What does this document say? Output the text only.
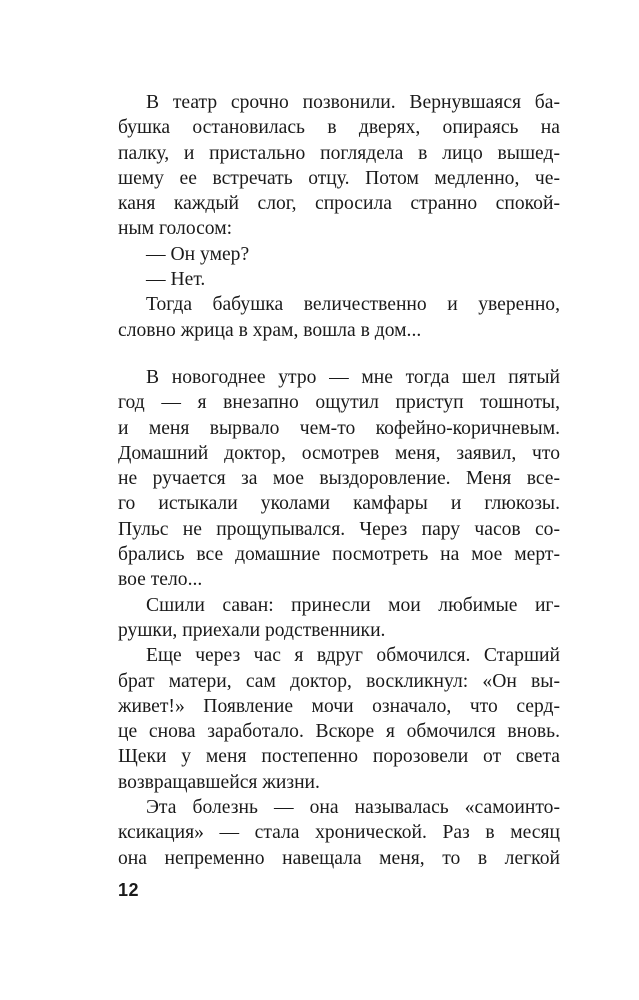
В театр срочно позвонили. Вернувшаяся ба-
бушка остановилась в дверях, опираясь на
палку, и пристально поглядела в лицо вышед-
шему ее встречать отцу. Потом медленно, че-
каня каждый слог, спросила странно спокой-
ным голосом:
— Он умер?
— Нет.
Тогда бабушка величественно и уверенно,
словно жрица в храм, вошла в дом...
В новогоднее утро — мне тогда шел пятый
год — я внезапно ощутил приступ тошноты,
и меня вырвало чем-то кофейно-коричневым.
Домашний доктор, осмотрев меня, заявил, что
не ручается за мое выздоровление. Меня все-
го истыкали уколами камфары и глюкозы.
Пульс не прощупывался. Через пару часов со-
брались все домашние посмотреть на мое мерт-
вое тело...
Сшили саван: принесли мои любимые иг-
рушки, приехали родственники.
Еще через час я вдруг обмочился. Старший
брат матери, сам доктор, воскликнул: «Он вы-
живет!» Появление мочи означало, что серд-
це снова заработало. Вскоре я обмочился вновь.
Щеки у меня постепенно порозовели от света
возвращавшейся жизни.
Эта болезнь — она называлась «самоинто-
ксикация» — стала хронической. Раз в месяц
она непременно навещала меня, то в легкой
12
